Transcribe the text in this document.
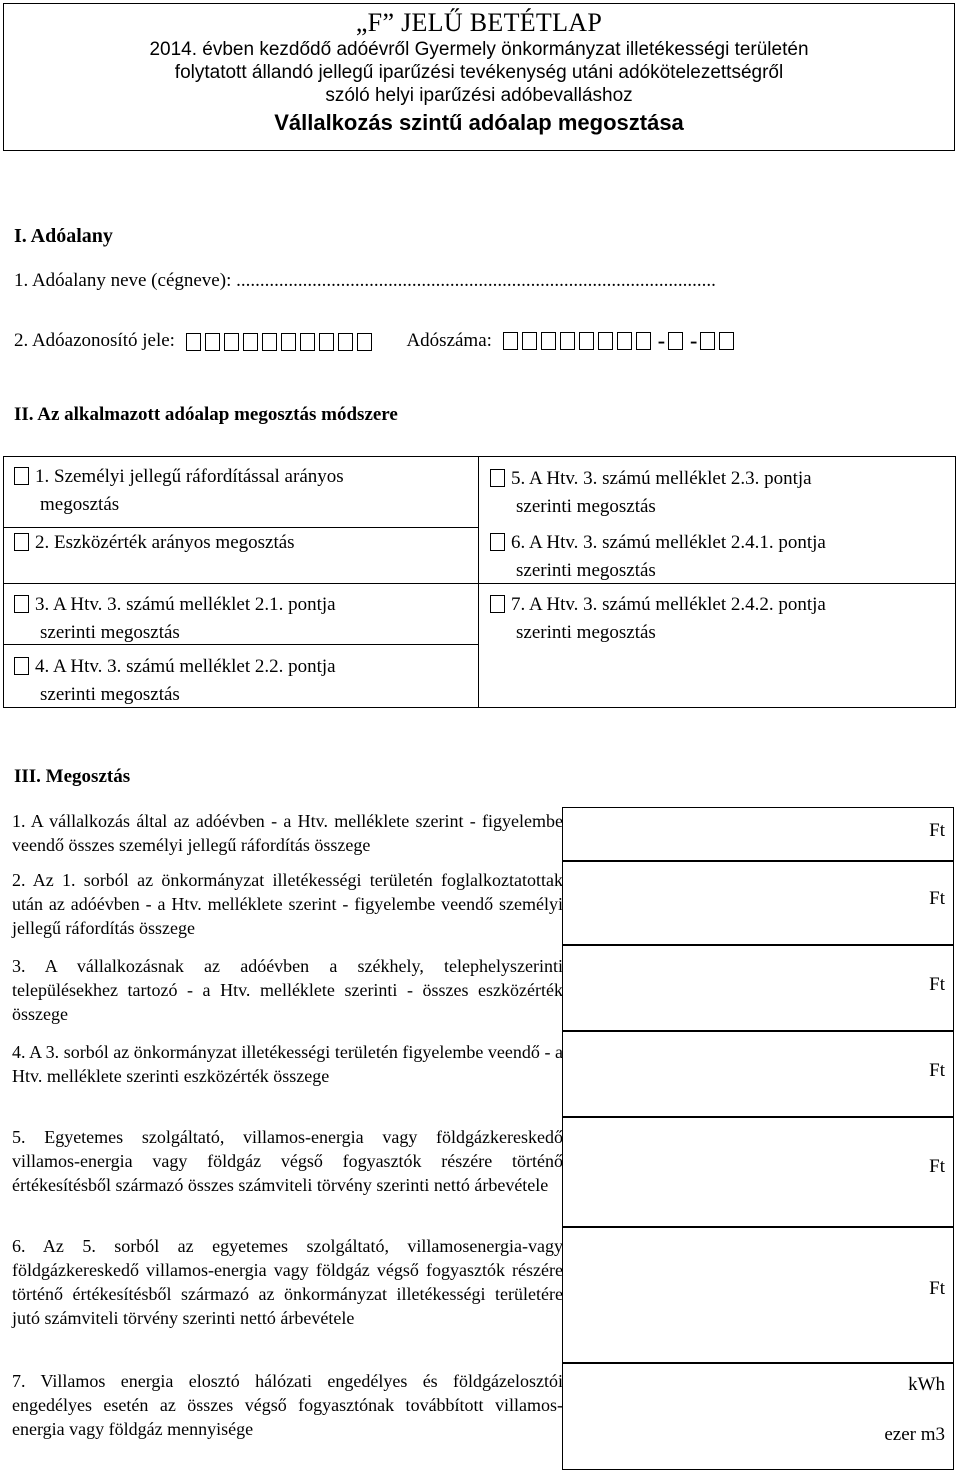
„F” JELŰ BETÉTLAP
2014. évben kezdődő adóévről Gyermely önkormányzat illetékességi területén
folytatott állandó jellegű iparűzési tevékenység utáni adókötelezettségről
szóló helyi iparűzési adóbevalláshoz
Vállalkozás szintű adóalap megosztása
I. Adóalany
1. Adóalany neve (cégneve): .....................................................................................................
2. Adóazonosító jele:	Adószáma:	- -
II. Az alkalmazott adóalap megosztás módszere
1. Személyi jellegű ráfordítással arányos
megosztás
2. Eszközérték arányos megosztás
3. A Htv. 3. számú melléklet 2.1. pontja
szerinti megosztás
4. A Htv. 3. számú melléklet 2.2. pontja
szerinti megosztás
5. A Htv. 3. számú melléklet 2.3. pontja
szerinti megosztás
6. A Htv. 3. számú melléklet 2.4.1. pontja
szerinti megosztás
7. A Htv. 3. számú melléklet 2.4.2. pontja
szerinti megosztás
III. Megosztás
1. A vállalkozás által az adóévben - a Htv. melléklete szerint - figyelembe veendő összes személyi jellegű ráfordítás összege
Ft
2. Az 1. sorból az önkormányzat illetékességi területén foglalkoztatottak után az adóévben - a Htv. melléklete szerint - figyelembe veendő személyi jellegű ráfordítás összege
Ft
3. A vállalkozásnak az adóévben a székhely, telephelyszerinti településekhez tartozó - a Htv. melléklete szerinti - összes eszközérték összege
Ft
4. A 3. sorból az önkormányzat illetékességi területén figyelembe veendő - a Htv. melléklete szerinti eszközérték összege	Ft
5. Egyetemes szolgáltató, villamos-energia vagy földgázkereskedő villamos-energia vagy földgáz végső fogyasztók részére történő értékesítésből származó összes számviteli törvény szerinti nettó árbevétele
Ft
6. Az 5. sorból az egyetemes szolgáltató, villamosenergia-vagy földgázkereskedő villamos-energia vagy földgáz végső fogyasztók részére történő értékesítésből származó az önkormányzat illetékességi területére jutó számviteli törvény szerinti nettó árbevétele
Ft
7. Villamos energia elosztó hálózati engedélyes és földgázelosztói engedélyes esetén az összes végső fogyasztónak továbbított villamos-energia vagy földgáz mennyisége
kWh
ezer m3
